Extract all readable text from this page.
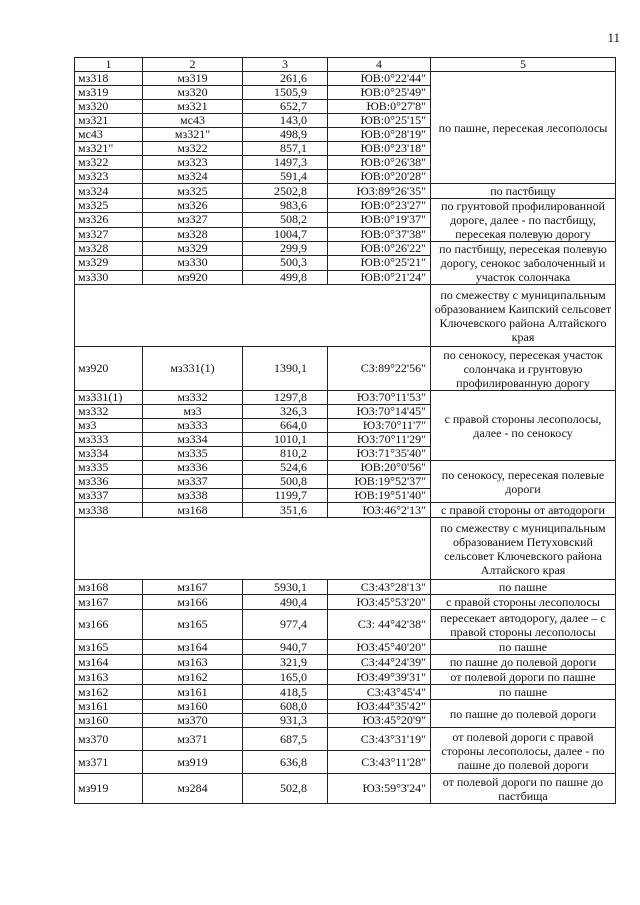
11
1	2	3	4	5
мз318	мз319	261,6	ЮВ:0°22'44"	по пашне, пересекая лесополосы
мз319	мз320	1505,9	ЮВ:0°25'49"	
мз320	мз321	652,7	ЮВ:0°27'8"	
мз321	мс43	143,0	ЮВ:0°25'15"	
мс43	мз321"	498,9	ЮВ:0°28'19"	
мз321"	мз322	857,1	ЮВ:0°23'18"	
мз322	мз323	1497,3	ЮВ:0°26'38"	
мз323	мз324	591,4	ЮВ:0°20'28"	
мз324	мз325	2502,8	ЮЗ:89°26'35"	по пастбищу
мз325	мз326	983,6	ЮВ:0°23'27"	по грунтовой профилированной дороге, далее - по пастбищу, пересекая полевую дорогу
мз326	мз327	508,2	ЮВ:0°19'37"	
мз327	мз328	1004,7	ЮВ:0°37'38"	
мз328	мз329	299,9	ЮВ:0°26'22"	по пастбищу, пересекая полевую дорогу, сенокос заболоченный и участок солончака
мз329	мз330	500,3	ЮВ:0°25'21"	
мз330	мз920	499,8	ЮВ:0°21'24"	
				по смежеству с муниципальным образованием Каипский сельсовет Ключевского района Алтайского края
мз920	мз331(1)	1390,1	СЗ:89°22'56"	по сенокосу, пересекая участок солончака и грунтовую профилированную дорогу
мз331(1)	мз332	1297,8	ЮЗ:70°11'53"	с правой стороны лесополосы, далее - по сенокосу
мз332	мз3	326,3	ЮЗ:70°14'45"	
мз3	мз333	664,0	ЮЗ:70°11'7"	
мз333	мз334	1010,1	ЮЗ:70°11'29"	
мз334	мз335	810,2	ЮЗ:71°35'40"	
мз335	мз336	524,6	ЮВ:20°0'56"	по сенокосу, пересекая полевые дороги
мз336	мз337	500,8	ЮВ:19°52'37"	
мз337	мз338	1199,7	ЮВ:19°51'40"	
мз338	мз168	351,6	ЮЗ:46°2'13"	с правой стороны от автодороги
				по смежеству с муниципальным образованием Петуховский сельсовет Ключевского района Алтайского края
мз168	мз167	5930,1	СЗ:43°28'13"	по пашне
мз167	мз166	490,4	ЮЗ:45°53'20"	с правой стороны лесополосы
мз166	мз165	977,4	СЗ: 44°42'38"	пересекает автодорогу, далее – с правой стороны лесополосы
мз165	мз164	940,7	ЮЗ:45°40'20"	по пашне
мз164	мз163	321,9	СЗ:44°24'39"	по пашне до полевой дороги
мз163	мз162	165,0	ЮЗ:49°39'31"	от полевой дороги по пашне
мз162	мз161	418,5	СЗ:43°45'4"	по пашне
мз161	мз160	608,0	ЮЗ:44°35'42"	по пашне до полевой дороги
мз160	мз370	931,3	ЮЗ:45°20'9"	
мз370	мз371	687,5	СЗ:43°31'19"	от полевой дороги с правой стороны лесополосы, далее - по пашне до полевой дороги
мз371	мз919	636,8	СЗ:43°11'28"	
мз919	мз284	502,8	ЮЗ:59°3'24"	от полевой дороги по пашне до пастбища
